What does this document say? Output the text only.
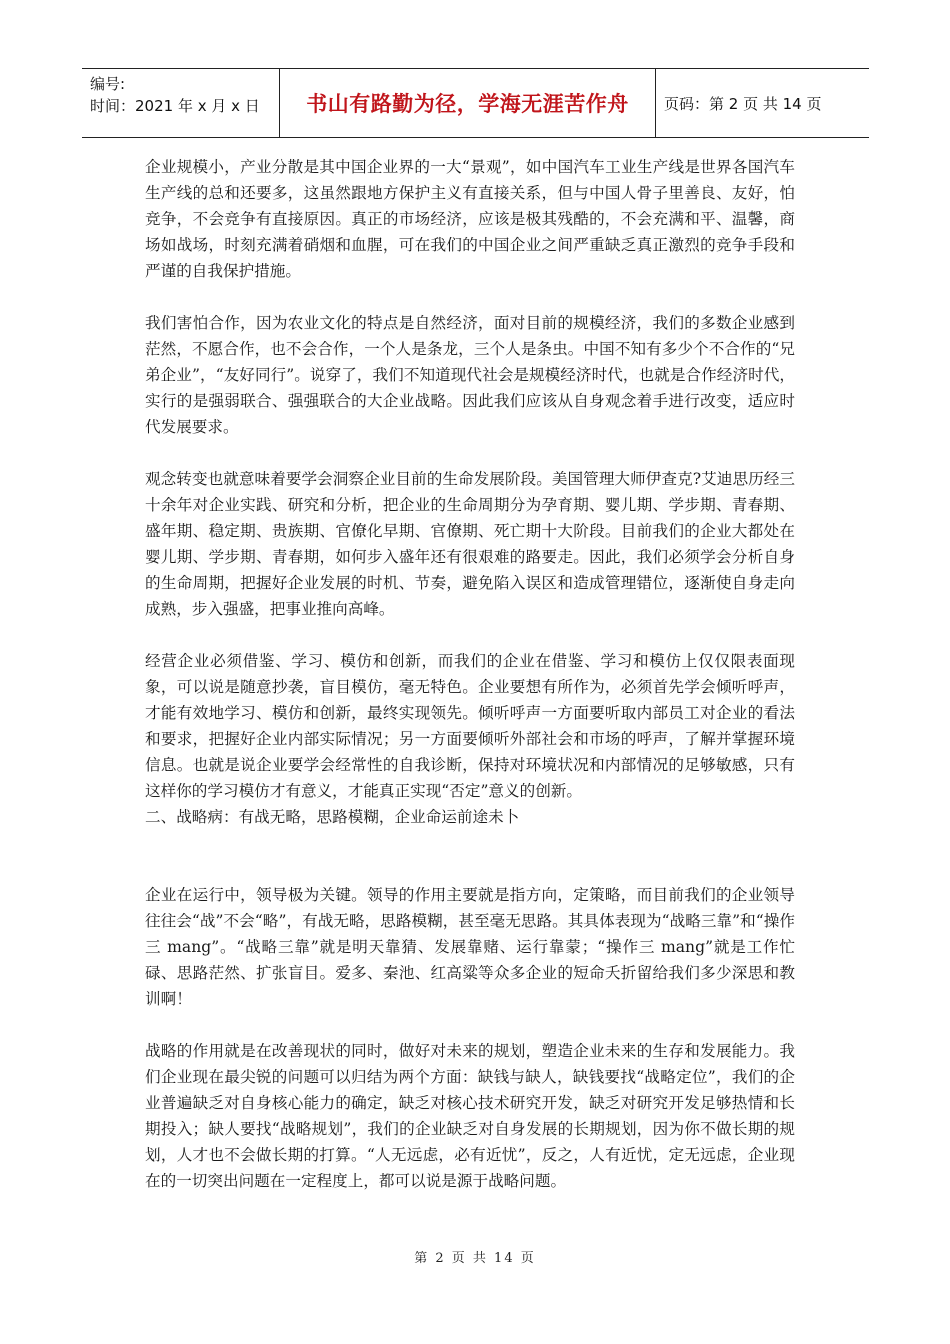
编号:
时间：2021 年 x 月 x 日	书山有路勤为径，学海无涯苦作舟	页码：第 2 页 共 14 页

企业规模小，产业分散是其中国企业界的一大“景观”，如中国汽车工业生产线是世界各国汽车生产线的总和还要多，这虽然跟地方保护主义有直接关系，但与中国人骨子里善良、友好，怕竞争，不会竞争有直接原因。真正的市场经济，应该是极其残酷的，不会充满和平、温馨，商场如战场，时刻充满着硝烟和血腥，可在我们的中国企业之间严重缺乏真正激烈的竞争手段和严谨的自我保护措施。

我们害怕合作，因为农业文化的特点是自然经济，面对目前的规模经济，我们的多数企业感到茫然，不愿合作，也不会合作，一个人是条龙，三个人是条虫。中国不知有多少个不合作的“兄弟企业”，“友好同行”。说穿了，我们不知道现代社会是规模经济时代，也就是合作经济时代，实行的是强弱联合、强强联合的大企业战略。因此我们应该从自身观念着手进行改变，适应时代发展要求。

观念转变也就意味着要学会洞察企业目前的生命发展阶段。美国管理大师伊查克?艾迪思历经三十余年对企业实践、研究和分析，把企业的生命周期分为孕育期、婴儿期、学步期、青春期、盛年期、稳定期、贵族期、官僚化早期、官僚期、死亡期十大阶段。目前我们的企业大都处在婴儿期、学步期、青春期，如何步入盛年还有很艰难的路要走。因此，我们必须学会分析自身的生命周期，把握好企业发展的时机、节奏，避免陷入误区和造成管理错位，逐渐使自身走向成熟，步入强盛，把事业推向高峰。

经营企业必须借鉴、学习、模仿和创新，而我们的企业在借鉴、学习和模仿上仅仅限表面现象，可以说是随意抄袭，盲目模仿，毫无特色。企业要想有所作为，必须首先学会倾听呼声，才能有效地学习、模仿和创新，最终实现领先。倾听呼声一方面要听取内部员工对企业的看法和要求，把握好企业内部实际情况；另一方面要倾听外部社会和市场的呼声，了解并掌握环境信息。也就是说企业要学会经常性的自我诊断，保持对环境状况和内部情况的足够敏感，只有这样你的学习模仿才有意义，才能真正实现“否定”意义的创新。

二、战略病：有战无略，思路模糊，企业命运前途未卜

企业在运行中，领导极为关键。领导的作用主要就是指方向，定策略，而目前我们的企业领导往往会“战”不会“略”，有战无略，思路模糊，甚至毫无思路。其具体表现为“战略三靠”和“操作三 mang”。“战略三靠”就是明天靠猜、发展靠赌、运行靠蒙；“操作三 mang”就是工作忙碌、思路茫然、扩张盲目。爱多、秦池、红高粱等众多企业的短命夭折留给我们多少深思和教训啊！

战略的作用就是在改善现状的同时，做好对未来的规划，塑造企业未来的生存和发展能力。我们企业现在最尖锐的问题可以归结为两个方面：缺钱与缺人，缺钱要找“战略定位”，我们的企业普遍缺乏对自身核心能力的确定，缺乏对核心技术研究开发，缺乏对研究开发足够热情和长期投入；缺人要找“战略规划”，我们的企业缺乏对自身发展的长期规划，因为你不做长期的规划，人才也不会做长期的打算。“人无远虑，必有近忧”，反之，人有近忧，定无远虑，企业现在的一切突出问题在一定程度上，都可以说是源于战略问题。

第 2 页 共 14 页
